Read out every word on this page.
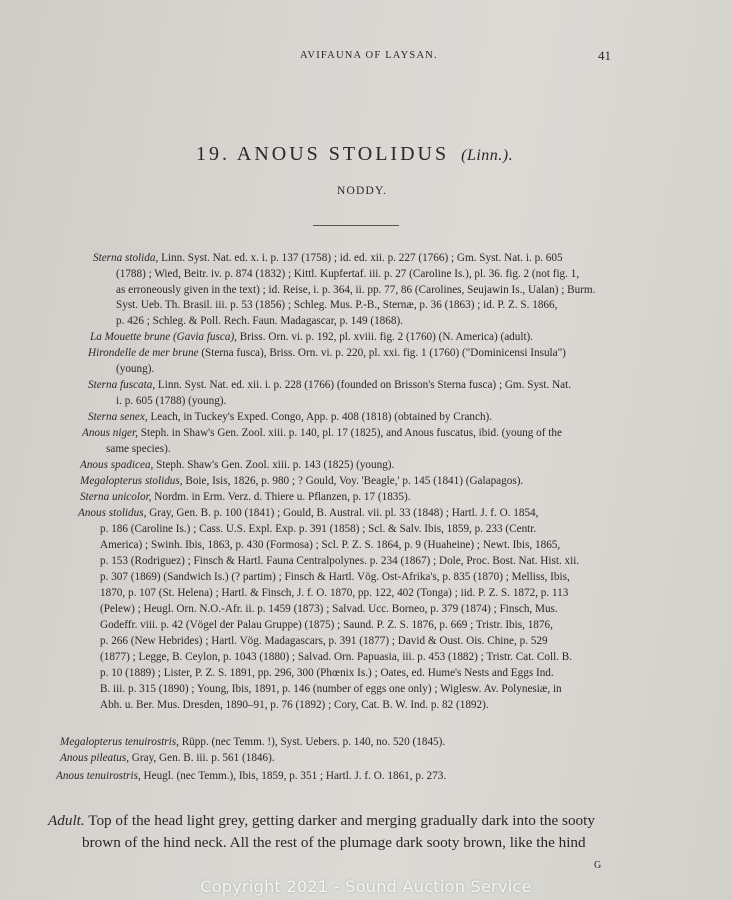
AVIFAUNA OF LAYSAN.	41
19. ANOUS STOLIDUS (Linn.).
NODDY.
Sterna stolida, Linn. Syst. Nat. ed. x. i. p. 137 (1758) ; id. ed. xii. p. 227 (1766) ; Gm. Syst. Nat. i. p. 605
(1788) ; Wied, Beitr. iv. p. 874 (1832) ; Kittl. Kupfertaf. iii. p. 27 (Caroline Is.), pl. 36. fig. 2 (not fig. 1,
as erroneously given in the text) ; id. Reise, i. p. 364, ii. pp. 77, 86 (Carolines, Seujawin Is., Ualan) ; Burm.
Syst. Ueb. Th. Brasil. iii. p. 53 (1856) ; Schleg. Mus. P.-B., Sternæ, p. 36 (1863) ; id. P. Z. S. 1866,
p. 426 ; Schleg. & Poll. Rech. Faun. Madagascar, p. 149 (1868).
La Mouette brune (Gavia fusca), Briss. Orn. vi. p. 192, pl. xviii. fig. 2 (1760) (N. America) (adult).
Hirondelle de mer brune (Sterna fusca), Briss. Orn. vi. p. 220, pl. xxi. fig. 1 (1760) ("Dominicensi Insula")
(young).
Sterna fuscata, Linn. Syst. Nat. ed. xii. i. p. 228 (1766) (founded on Brisson's Sterna fusca) ; Gm. Syst. Nat.
i. p. 605 (1788) (young).
Sterna senex, Leach, in Tuckey's Exped. Congo, App. p. 408 (1818) (obtained by Cranch).
Anous niger, Steph. in Shaw's Gen. Zool. xiii. p. 140, pl. 17 (1825), and Anous fuscatus, ibid. (young of the
same species).
Anous spadicea, Steph. Shaw's Gen. Zool. xiii. p. 143 (1825) (young).
Megalopterus stolidus, Boie, Isis, 1826, p. 980 ; ? Gould, Voy. 'Beagle,' p. 145 (1841) (Galapagos).
Sterna unicolor, Nordm. in Erm. Verz. d. Thiere u. Pflanzen, p. 17 (1835).
Anous stolidus, Gray, Gen. B. p. 100 (1841) ; Gould, B. Austral. vii. pl. 33 (1848) ; Hartl. J. f. O. 1854,
p. 186 (Caroline Is.) ; Cass. U.S. Expl. Exp. p. 391 (1858) ; Scl. & Salv. Ibis, 1859, p. 233 (Centr.
America) ; Swinh. Ibis, 1863, p. 430 (Formosa) ; Scl. P. Z. S. 1864, p. 9 (Huaheine) ; Newt. Ibis, 1865,
p. 153 (Rodriguez) ; Finsch & Hartl. Fauna Centralpolynes. p. 234 (1867) ; Dole, Proc. Bost. Nat. Hist. xii.
p. 307 (1869) (Sandwich Is.) (? partim) ; Finsch & Hartl. Vög. Ost-Afrika's, p. 835 (1870) ; Melliss, Ibis,
1870, p. 107 (St. Helena) ; Hartl. & Finsch, J. f. O. 1870, pp. 122, 402 (Tonga) ; iid. P. Z. S. 1872, p. 113
(Pelew) ; Heugl. Orn. N.O.-Afr. ii. p. 1459 (1873) ; Salvad. Ucc. Borneo, p. 379 (1874) ; Finsch, Mus.
Godeffr. viii. p. 42 (Vögel der Palau Gruppe) (1875) ; Saund. P. Z. S. 1876, p. 669 ; Tristr. Ibis, 1876,
p. 266 (New Hebrides) ; Hartl. Vög. Madagascars, p. 391 (1877) ; David & Oust. Ois. Chine, p. 529
(1877) ; Legge, B. Ceylon, p. 1043 (1880) ; Salvad. Orn. Papuasia, iii. p. 453 (1882) ; Tristr. Cat. Coll. B.
p. 10 (1889) ; Lister, P. Z. S. 1891, pp. 296, 300 (Phœnix Is.) ; Oates, ed. Hume's Nests and Eggs Ind.
B. iii. p. 315 (1890) ; Young, Ibis, 1891, p. 146 (number of eggs one only) ; Wiglesw. Av. Polynesiæ, in
Abh. u. Ber. Mus. Dresden, 1890–91, p. 76 (1892) ; Cory, Cat. B. W. Ind. p. 82 (1892).
Megalopterus tenuirostris, Rüpp. (nec Temm. !), Syst. Uebers. p. 140, no. 520 (1845).
Anous pileatus, Gray, Gen. B. iii. p. 561 (1846).
Anous tenuirostris, Heugl. (nec Temm.), Ibis, 1859, p. 351 ; Hartl. J. f. O. 1861, p. 273.
Adult. Top of the head light grey, getting darker and merging gradually dark into the sooty
brown of the hind neck. All the rest of the plumage dark sooty brown, like the hind
G
Copyright 2021 - Sound Auction Service
